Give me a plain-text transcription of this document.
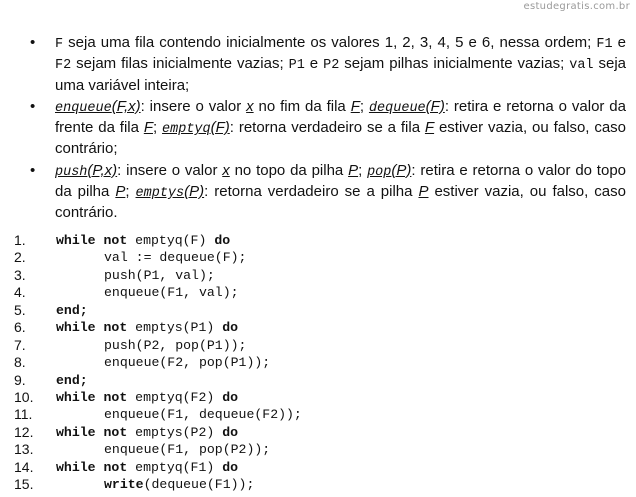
estudegratis.com.br
• F seja uma fila contendo inicialmente os valores 1, 2, 3, 4, 5 e 6, nessa ordem; F1 e F2 sejam filas inicialmente vazias; P1 e P2 sejam pilhas inicialmente vazias; val seja uma variável inteira;
• enqueue(F,x): insere o valor x no fim da fila F; dequeue(F): retira e retorna o valor da frente da fila F; emptyq(F): retorna verdadeiro se a fila F estiver vazia, ou falso, caso contrário;
• push(P,x): insere o valor x no topo da pilha P; pop(P): retira e retorna o valor do topo da pilha P; emptys(P): retorna verdadeiro se a pilha P estiver vazia, ou falso, caso contrário.
1.	while not emptyq(F) do
2.	val := dequeue(F);
3.	push(P1, val);
4.	enqueue(F1, val);
5.	end;
6.	while not emptys(P1) do
7.	push(P2, pop(P1));
8.	enqueue(F2, pop(P1));
9.	end;
10.	while not emptyq(F2) do
11.	enqueue(F1, dequeue(F2));
12.	while not emptys(P2) do
13.	enqueue(F1, pop(P2));
14.	while not emptyq(F1) do
15.	write(dequeue(F1));
